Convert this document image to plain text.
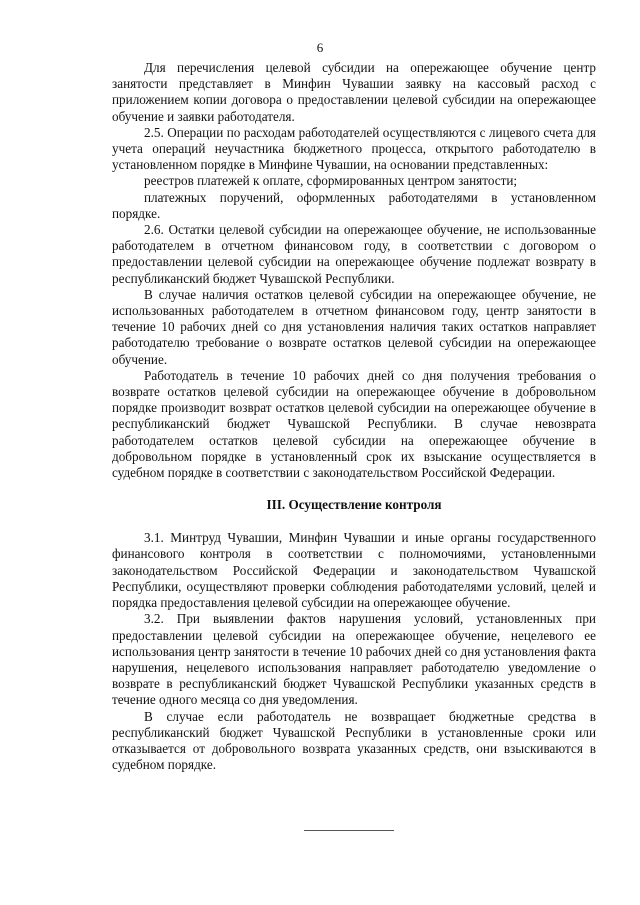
6

Для перечисления целевой субсидии на опережающее обучение центр занятости представляет в Минфин Чувашии заявку на кассовый расход с приложением копии договора о предоставлении целевой субсидии на опережающее обучение и заявки работодателя.

2.5. Операции по расходам работодателей осуществляются с лицевого счета для учета операций неучастника бюджетного процесса, открытого работодателю в установленном порядке в Минфине Чувашии, на основании представленных:

реестров платежей к оплате, сформированных центром занятости;

платежных поручений, оформленных работодателями в установленном порядке.

2.6. Остатки целевой субсидии на опережающее обучение, не использованные работодателем в отчетном финансовом году, в соответствии с договором о предоставлении целевой субсидии на опережающее обучение подлежат возврату в республиканский бюджет Чувашской Республики.

В случае наличия остатков целевой субсидии на опережающее обучение, не использованных работодателем в отчетном финансовом году, центр занятости в течение 10 рабочих дней со дня установления наличия таких остатков направляет работодателю требование о возврате остатков целевой субсидии на опережающее обучение.

Работодатель в течение 10 рабочих дней со дня получения требования о возврате остатков целевой субсидии на опережающее обучение в добровольном порядке производит возврат остатков целевой субсидии на опережающее обучение в республиканский бюджет Чувашской Республики. В случае невозврата работодателем остатков целевой субсидии на опережающее обучение в добровольном порядке в установленный срок их взыскание осуществляется в судебном порядке в соответствии с законодательством Российской Федерации.

III. Осуществление контроля

3.1. Минтруд Чувашии, Минфин Чувашии и иные органы государственного финансового контроля в соответствии с полномочиями, установленными законодательством Российской Федерации и законодательством Чувашской Республики, осуществляют проверки соблюдения работодателями условий, целей и порядка предоставления целевой субсидии на опережающее обучение.

3.2. При выявлении фактов нарушения условий, установленных при предоставлении целевой субсидии на опережающее обучение, нецелевого ее использования центр занятости в течение 10 рабочих дней со дня установления факта нарушения, нецелевого использования направляет работодателю уведомление о возврате в республиканский бюджет Чувашской Республики указанных средств в течение одного месяца со дня уведомления.

В случае если работодатель не возвращает бюджетные средства в республиканский бюджет Чувашской Республики в установленные сроки или отказывается от добровольного возврата указанных средств, они взыскиваются в судебном порядке.
